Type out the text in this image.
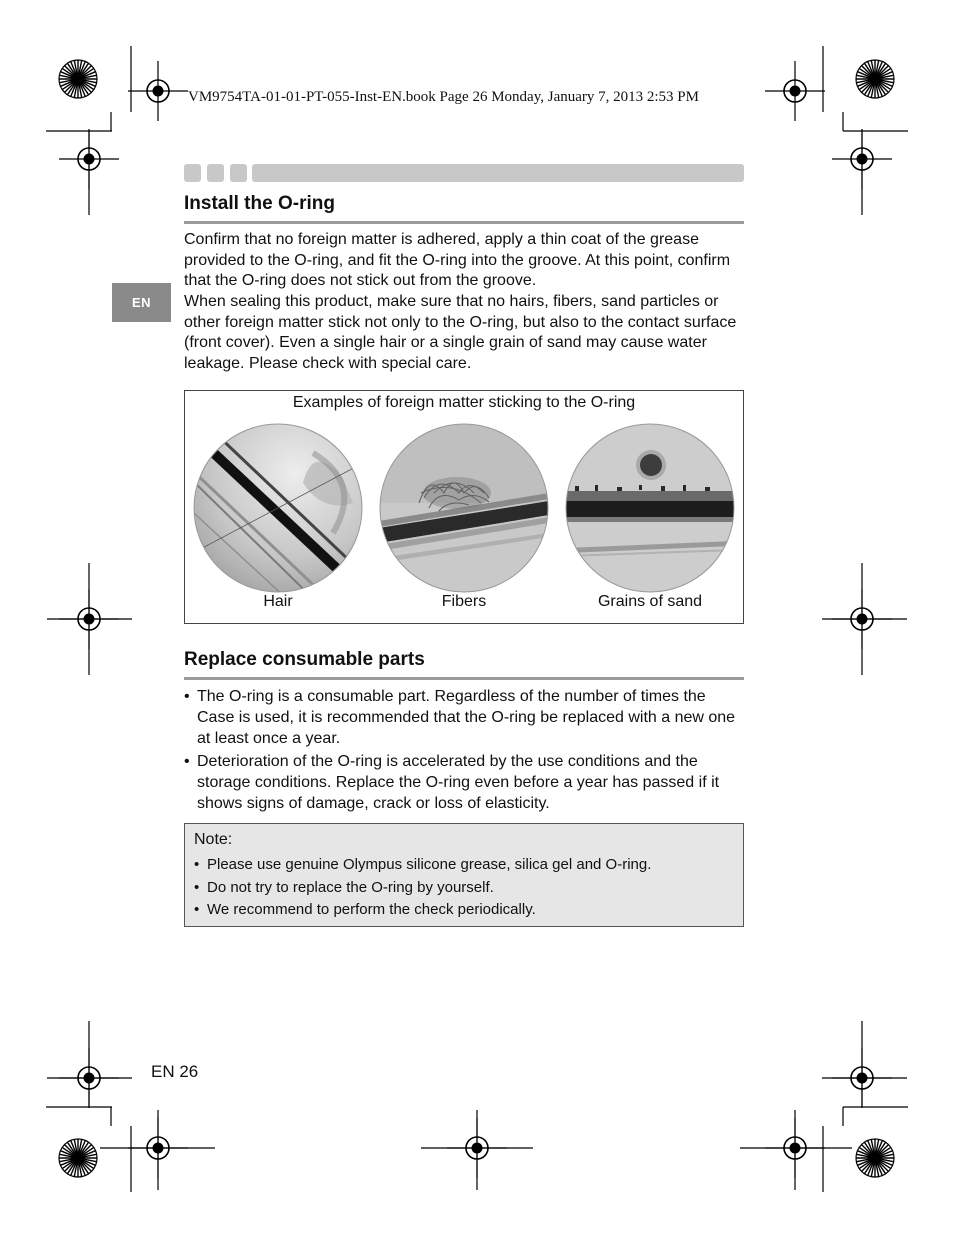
VM9754TA-01-01-PT-055-Inst-EN.book Page 26 Monday, January 7, 2013 2:53 PM
Install the O-ring
EN

Confirm that no foreign matter is adhered, apply a thin coat of the grease provided to the O-ring, and fit the O-ring into the groove. At this point, confirm that the O-ring does not stick out from the groove.

When sealing this product, make sure that no hairs, fibers, sand particles or other foreign matter stick not only to the O-ring, but also to the contact surface (front cover). Even a single hair or a single grain of sand may cause water leakage. Please check with special care.

Examples of foreign matter sticking to the O-ring
Hair	Fibers	Grains of sand
Replace consumable parts
• The O-ring is a consumable part. Regardless of the number of times the Case is used, it is recommended that the O-ring be replaced with a new one at least once a year.
• Deterioration of the O-ring is accelerated by the use conditions and the storage conditions. Replace the O-ring even before a year has passed if it shows signs of damage, crack or loss of elasticity.
Note:
• Please use genuine Olympus silicone grease, silica gel and O-ring.
• Do not try to replace the O-ring by yourself.
• We recommend to perform the check periodically.
EN 26
